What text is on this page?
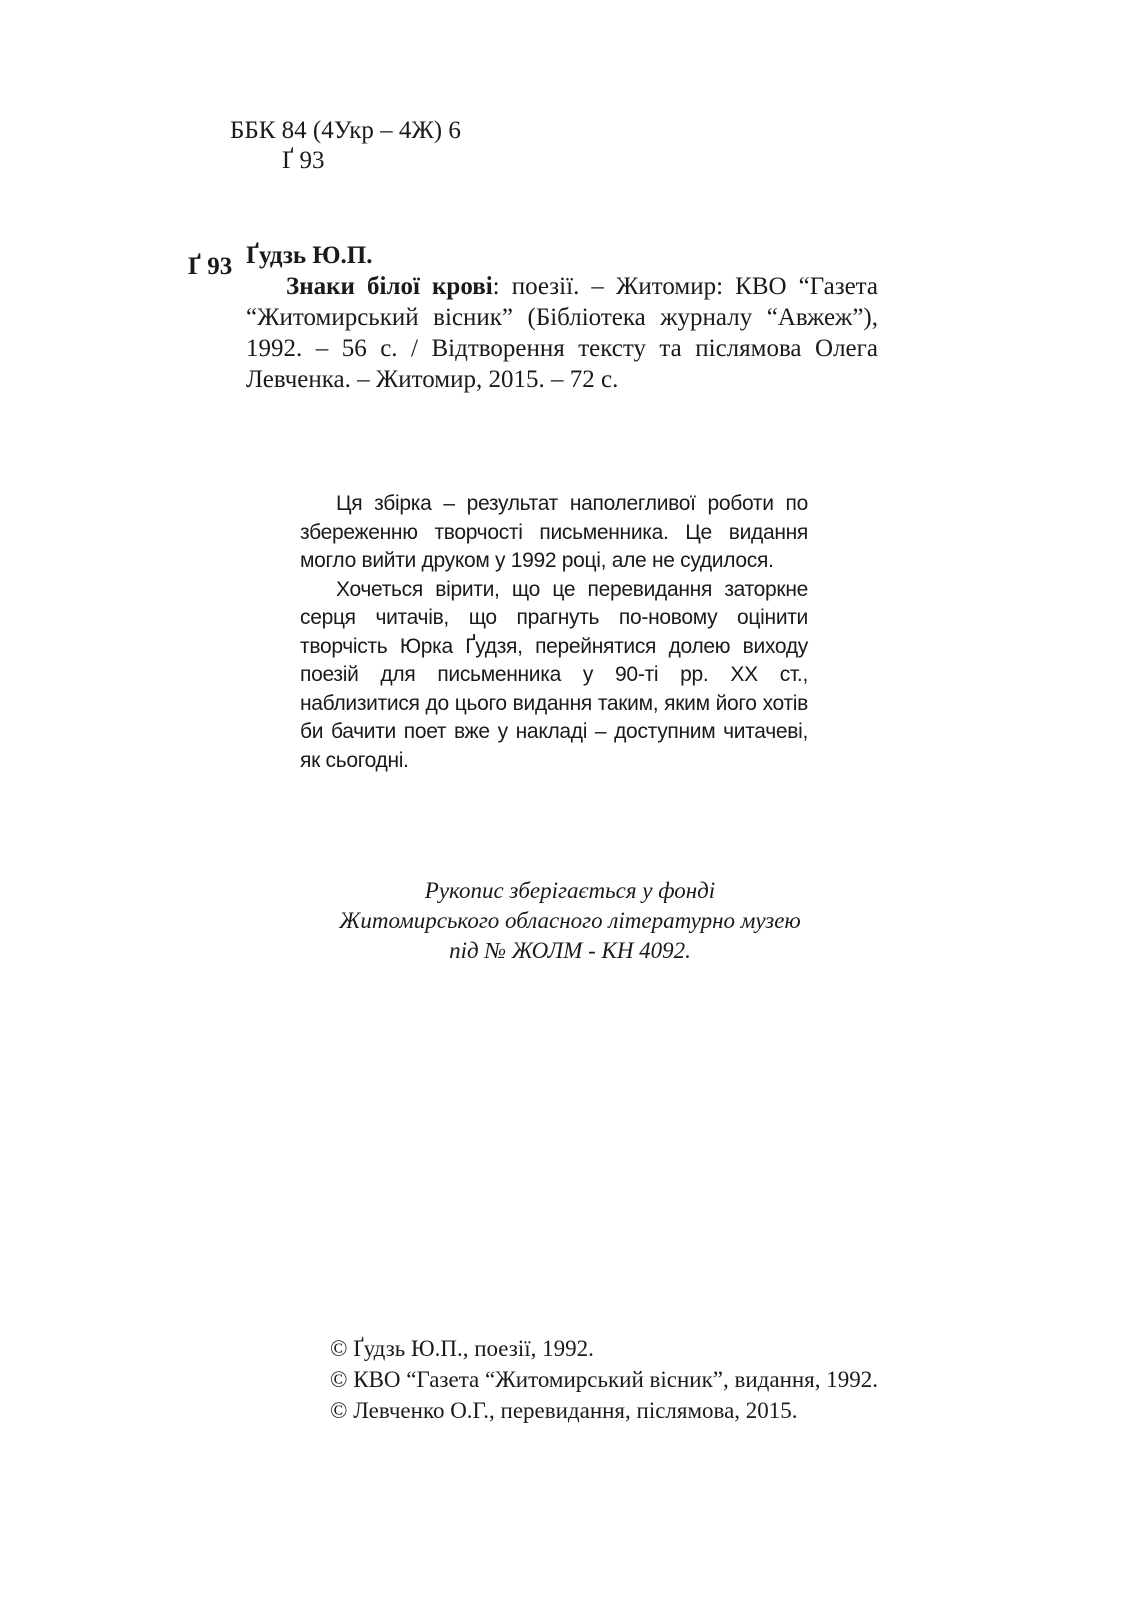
ББК 84 (4Укр – 4Ж) 6
Ґ 93
Ґ 93 Ґудзь Ю.П.

Знаки білої крові: поезії. – Житомир: КВО “Газета “Житомирський вісник” (Бібліотека журналу “Авжеж”), 1992. – 56 с. / Відтворення тексту та післямова Олега Левченка. – Житомир, 2015. – 72 с.

Ця збірка – результат наполегливої роботи по збереженню творчості письменника. Це видання могло вийти друком у 1992 році, але не судилося.

Хочеться вірити, що це перевидання заторкне серця читачів, що прагнуть по-новому оцінити творчість Юрка Ґудзя, перейнятися долею виходу поезій для письменника у 90-ті рр. XX ст., наблизитися до цього видання таким, яким його хотів би бачити поет вже у накладі – доступним читачеві, як сьогодні.

Рукопис зберігається у фонді
Житомирського обласного літературно музею
під № ЖОЛМ - КН 4092.
© Ґудзь Ю.П., поезії, 1992.
© КВО “Газета “Житомирський вісник”, видання, 1992.
© Левченко О.Г., перевидання, післямова, 2015.
